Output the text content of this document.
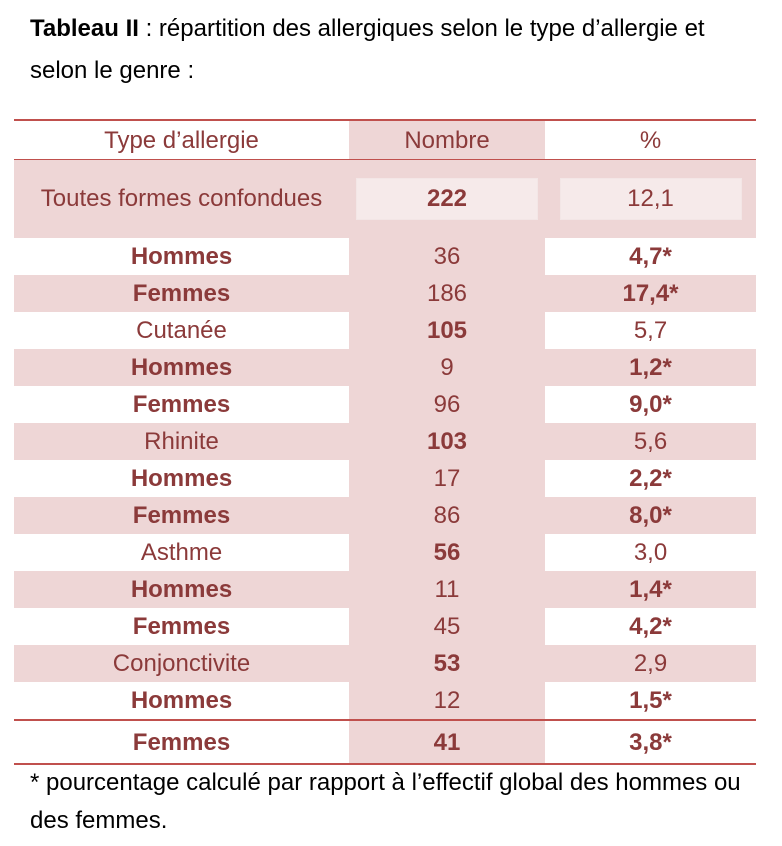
Tableau II : répartition des allergiques selon le type d’allergie et selon le genre :

Type d’allergie	Nombre	%
Toutes formes confondues	222	12,1
Hommes	36	4,7*
Femmes	186	17,4*
Cutanée	105	5,7
Hommes	9	1,2*
Femmes	96	9,0*
Rhinite	103	5,6
Hommes	17	2,2*
Femmes	86	8,0*
Asthme	56	3,0
Hommes	11	1,4*
Femmes	45	4,2*
Conjonctivite	53	2,9
Hommes	12	1,5*
Femmes	41	3,8*

* pourcentage calculé par rapport à l’effectif global des hommes ou des femmes.
